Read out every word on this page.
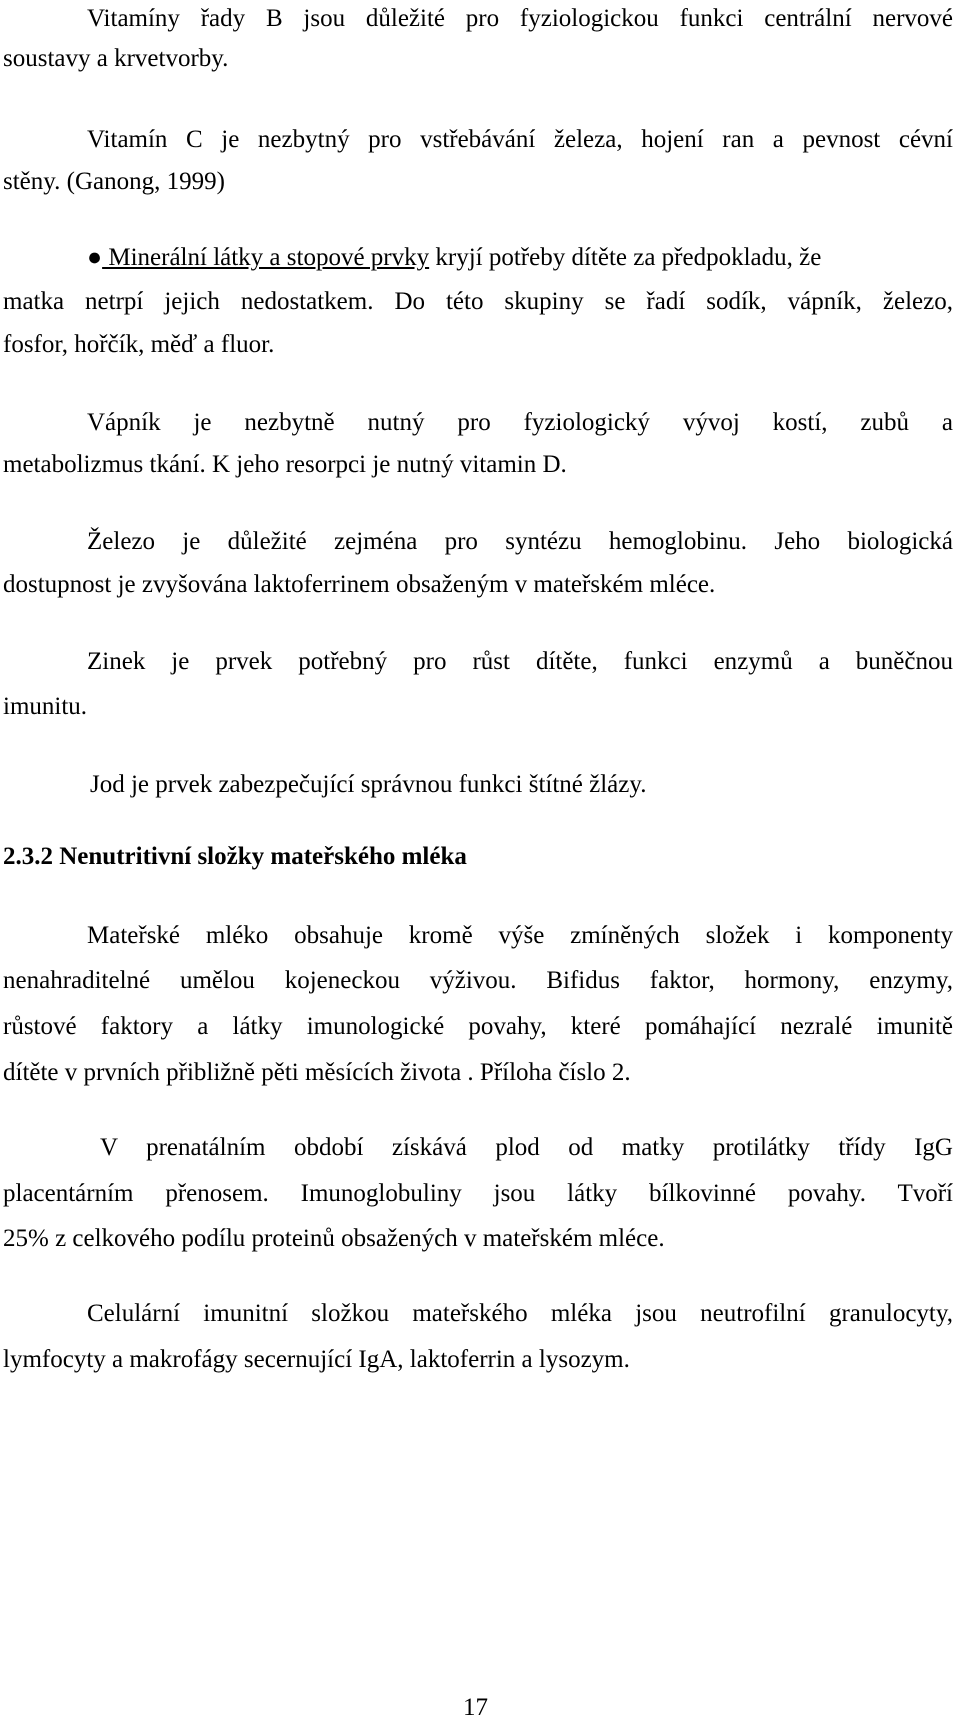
Vitamíny řady B jsou důležité pro fyziologickou funkci centrální nervové
soustavy a krvetvorby.
Vitamín C je nezbytný pro vstřebávání železa, hojení ran a pevnost cévní
stěny. (Ganong, 1999)
● Minerální látky a stopové prvky kryjí potřeby dítěte za předpokladu, že
matka netrpí jejich nedostatkem. Do této skupiny se řadí sodík, vápník, železo,
fosfor, hořčík, měď a fluor.
Vápník je nezbytně nutný pro fyziologický vývoj kostí, zubů a
metabolizmus tkání. K jeho resorpci je nutný vitamin D.
Železo je důležité zejména pro syntézu hemoglobinu. Jeho biologická
dostupnost je zvyšována laktoferrinem obsaženým v mateřském mléce.
Zinek je prvek potřebný pro růst dítěte, funkci enzymů a buněčnou
imunitu.
Jod je prvek zabezpečující správnou funkci štítné žlázy.
2.3.2 Nenutritivní složky mateřského mléka
Mateřské mléko obsahuje kromě výše zmíněných složek i komponenty
nenahraditelné umělou kojeneckou výživou. Bifidus faktor, hormony, enzymy,
růstové faktory a látky imunologické povahy, které pomáhající nezralé imunitě
dítěte v prvních přibližně pěti měsících života . Příloha číslo 2.
V prenatálním období získává plod od matky protilátky třídy IgG
placentárním přenosem. Imunoglobuliny jsou látky bílkovinné povahy. Tvoří
25% z celkového podílu proteinů obsažených v mateřském mléce.
Celulární imunitní složkou mateřského mléka jsou neutrofilní granulocyty,
lymfocyty a makrofágy secernující IgA, laktoferrin a lysozym.
17
